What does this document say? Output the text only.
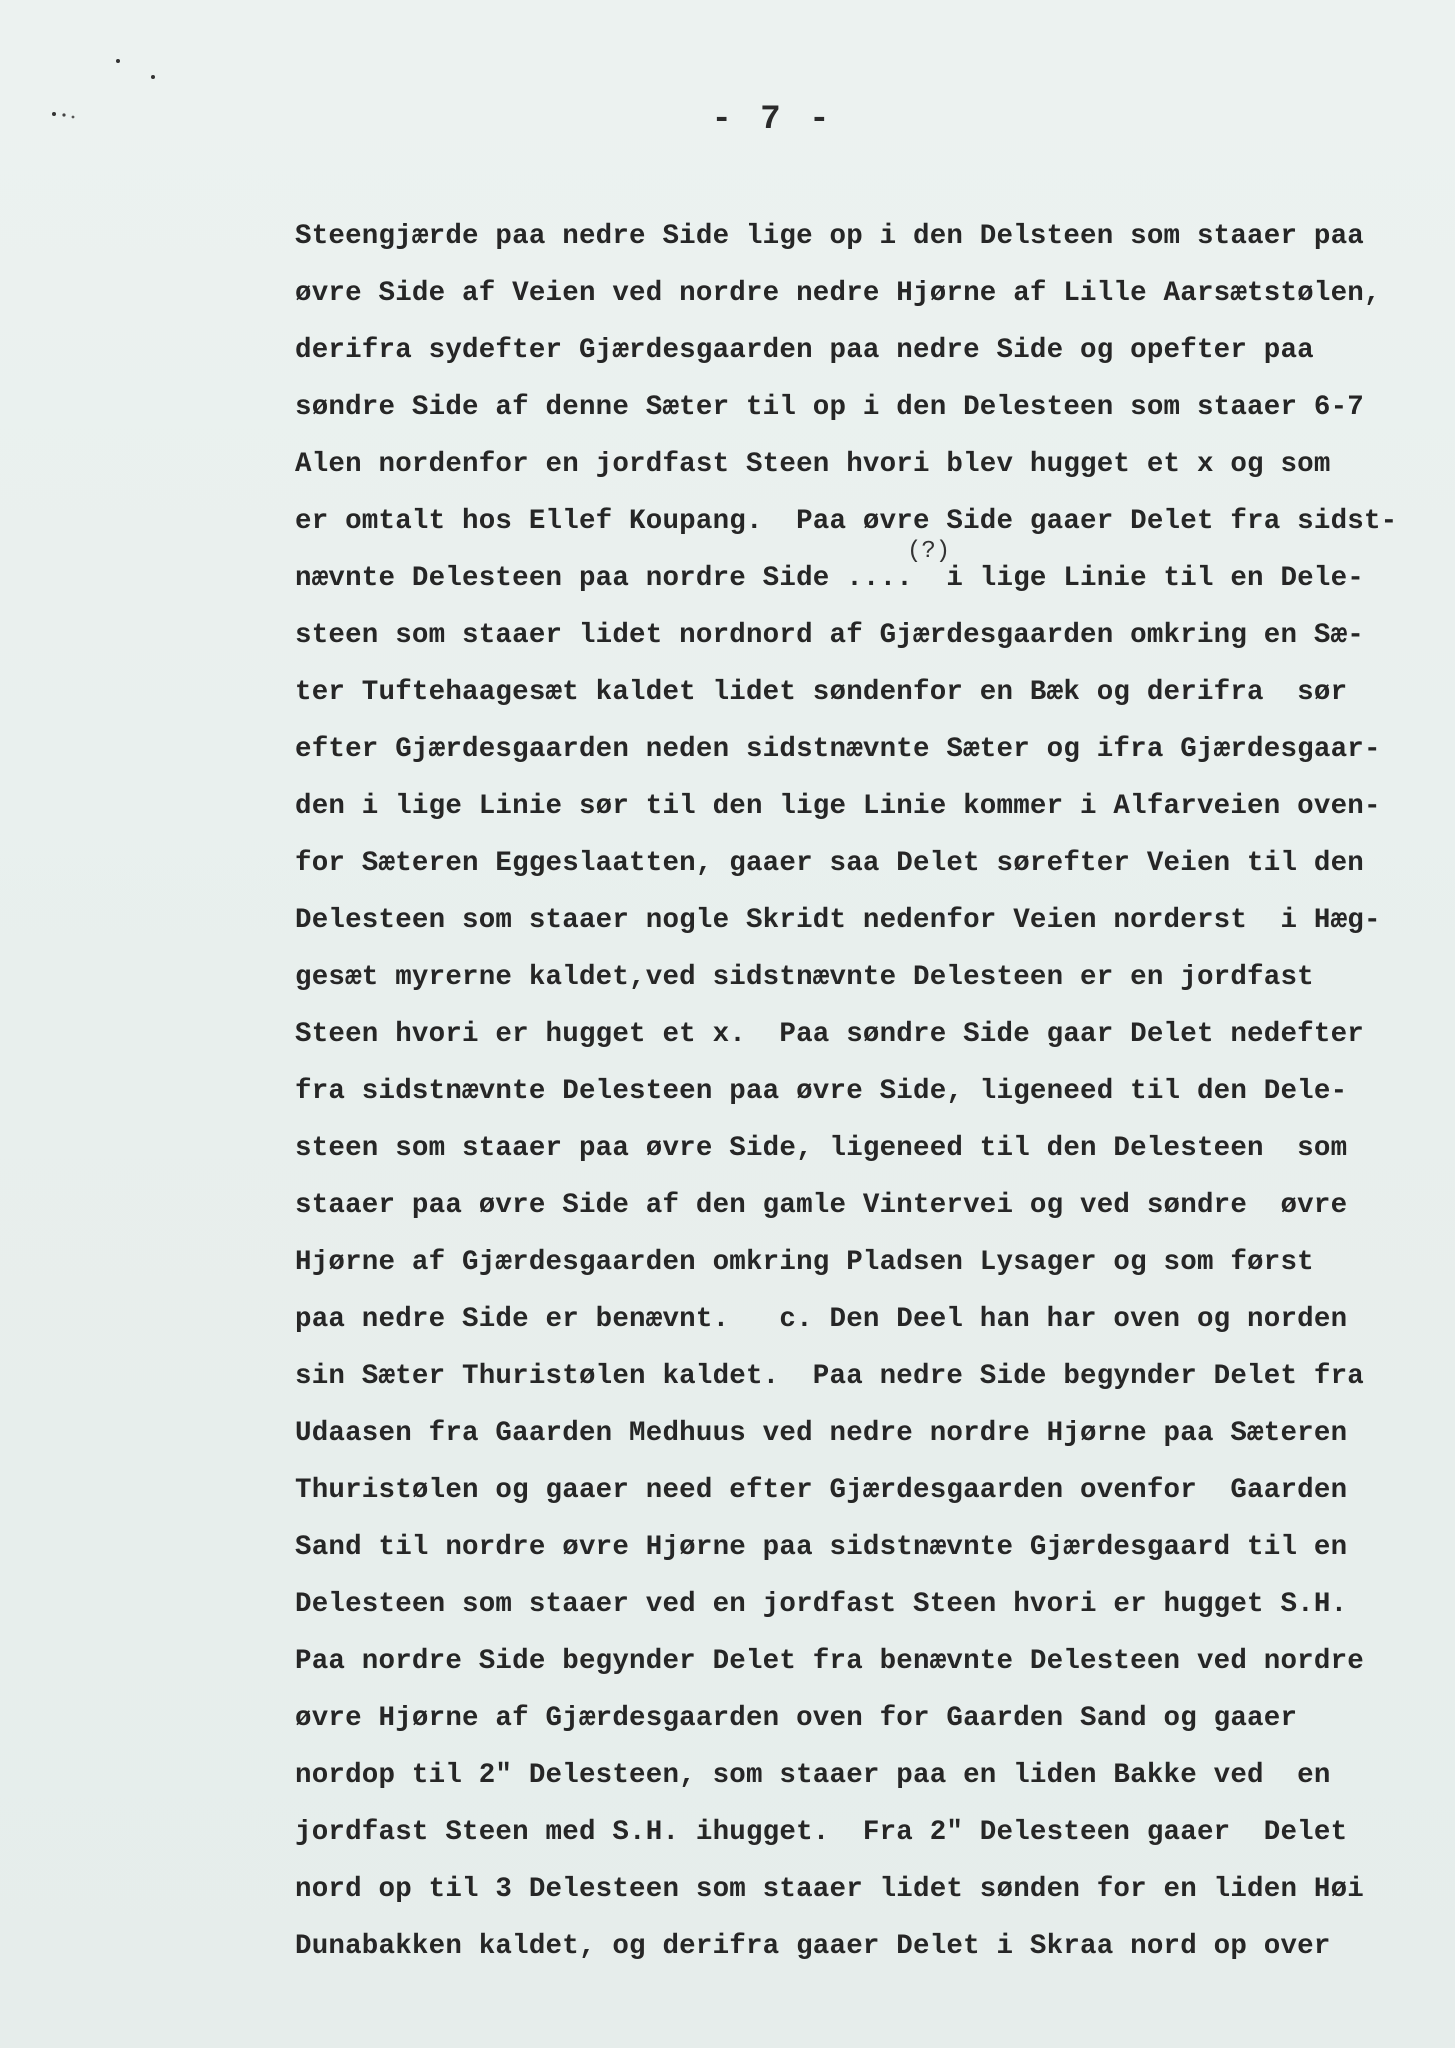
- 7 -
(?)
Steengjærde paa nedre Side lige op i den Delsteen som staaer paa
øvre Side af Veien ved nordre nedre Hjørne af Lille Aarsætstølen,
derifra sydefter Gjærdesgaarden paa nedre Side og opefter paa
søndre Side af denne Sæter til op i den Delesteen som staaer 6-7
Alen nordenfor en jordfast Steen hvori blev hugget et x og som
er omtalt hos Ellef Koupang.  Paa øvre Side gaaer Delet fra sidst-
nævnte Delesteen paa nordre Side ....  i lige Linie til en Dele-
steen som staaer lidet nordnord af Gjærdesgaarden omkring en Sæ-
ter Tuftehaagesæt kaldet lidet søndenfor en Bæk og derifra  sør
efter Gjærdesgaarden neden sidstnævnte Sæter og ifra Gjærdesgaar-
den i lige Linie sør til den lige Linie kommer i Alfarveien oven-
for Sæteren Eggeslaatten, gaaer saa Delet sørefter Veien til den
Delesteen som staaer nogle Skridt nedenfor Veien norderst  i Hæg-
gesæt myrerne kaldet,ved sidstnævnte Delesteen er en jordfast
Steen hvori er hugget et x.  Paa søndre Side gaar Delet nedefter
fra sidstnævnte Delesteen paa øvre Side, ligeneed til den Dele-
steen som staaer paa øvre Side, ligeneed til den Delesteen  som
staaer paa øvre Side af den gamle Vintervei og ved søndre  øvre
Hjørne af Gjærdesgaarden omkring Pladsen Lysager og som først
paa nedre Side er benævnt.   c. Den Deel han har oven og norden
sin Sæter Thuristølen kaldet.  Paa nedre Side begynder Delet fra
Udaasen fra Gaarden Medhuus ved nedre nordre Hjørne paa Sæteren
Thuristølen og gaaer need efter Gjærdesgaarden ovenfor  Gaarden
Sand til nordre øvre Hjørne paa sidstnævnte Gjærdesgaard til en
Delesteen som staaer ved en jordfast Steen hvori er hugget S.H.
Paa nordre Side begynder Delet fra benævnte Delesteen ved nordre
øvre Hjørne af Gjærdesgaarden oven for Gaarden Sand og gaaer
nordop til 2" Delesteen, som staaer paa en liden Bakke ved  en
jordfast Steen med S.H. ihugget.  Fra 2" Delesteen gaaer  Delet
nord op til 3 Delesteen som staaer lidet sønden for en liden Høi
Dunabakken kaldet, og derifra gaaer Delet i Skraa nord op over
